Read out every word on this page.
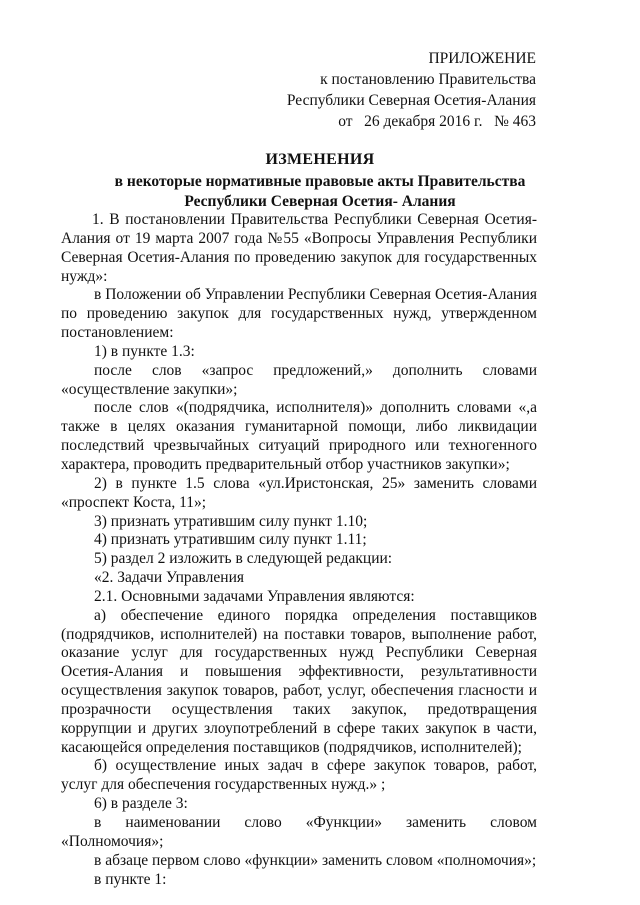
ПРИЛОЖЕНИЕ
к постановлению Правительства
Республики Северная Осетия-Алания
от   26 декабря 2016 г.   № 463
ИЗМЕНЕНИЯ
в некоторые нормативные правовые акты Правительства
Республики Северная Осетия- Алания

1. В постановлении Правительства Республики Северная Осетия-Алания от 19 марта 2007 года №55 «Вопросы Управления Республики Северная Осетия-Алания по проведению закупок для государственных нужд»:

в Положении об Управлении Республики Северная Осетия-Алания по проведению закупок для государственных нужд, утвержденном постановлением:

1) в пункте 1.3:

после слов «запрос предложений,» дополнить словами «осуществление закупки»;

после слов «(подрядчика, исполнителя)» дополнить словами «,а также в целях оказания гуманитарной помощи, либо ликвидации последствий чрезвычайных ситуаций природного или техногенного характера, проводить предварительный отбор участников закупки»;

2) в пункте 1.5 слова «ул.Иристонская, 25» заменить словами «проспект Коста, 11»;

3) признать утратившим силу пункт 1.10;

4) признать утратившим силу пункт 1.11;

5) раздел 2 изложить в следующей редакции:

«2. Задачи Управления

2.1. Основными задачами Управления являются:

а) обеспечение единого порядка определения поставщиков (подрядчиков, исполнителей) на поставки товаров, выполнение работ, оказание услуг для государственных нужд Республики Северная Осетия-Алания и повышения эффективности, результативности осуществления закупок товаров, работ, услуг, обеспечения гласности и прозрачности осуществления таких закупок, предотвращения коррупции и других злоупотреблений в сфере таких закупок в части, касающейся определения поставщиков (подрядчиков, исполнителей);

б) осуществление иных задач в сфере закупок товаров, работ, услуг для обеспечения государственных нужд.» ;

6) в разделе 3:

в наименовании слово «Функции» заменить словом «Полномочия»;

в абзаце первом слово «функции» заменить словом «полномочия»;

в пункте 1:
